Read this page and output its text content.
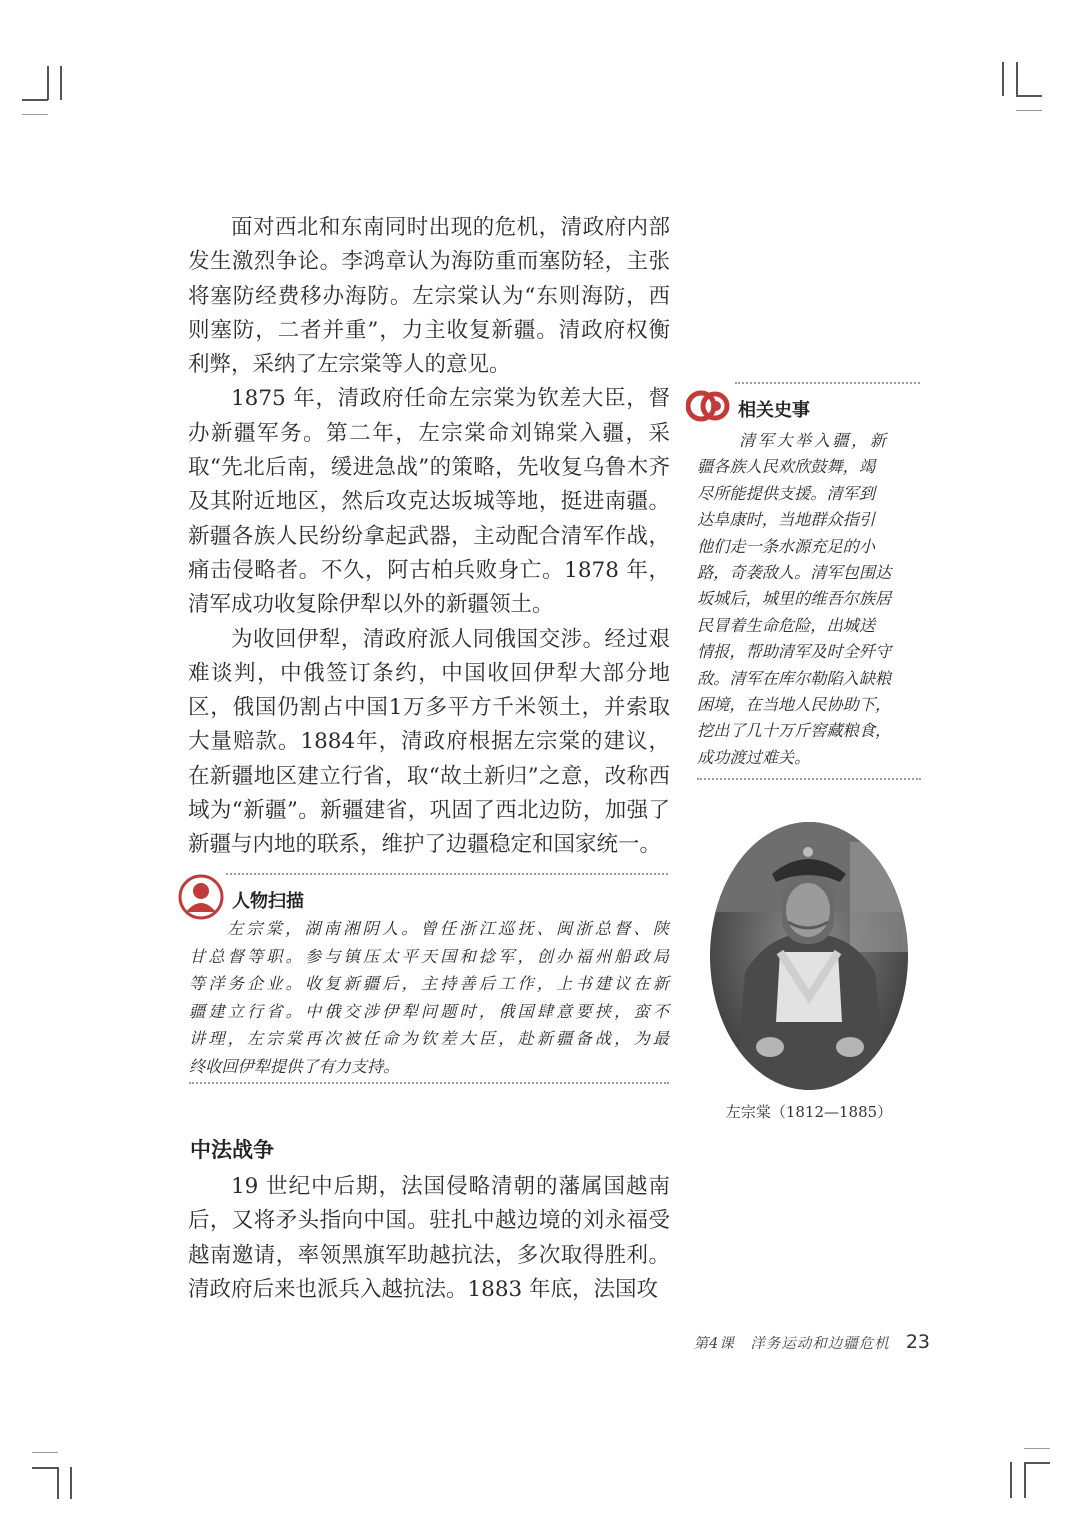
面对西北和东南同时出现的危机，清政府内部发生激烈争论。李鸿章认为海防重而塞防轻，主张将塞防经费移办海防。左宗棠认为“东则海防，西则塞防，二者并重”，力主收复新疆。清政府权衡利弊，采纳了左宗棠等人的意见。

1875 年，清政府任命左宗棠为钦差大臣，督办新疆军务。第二年，左宗棠命刘锦棠入疆，采取“先北后南，缓进急战”的策略，先收复乌鲁木齐及其附近地区，然后攻克达坂城等地，挺进南疆。新疆各族人民纷纷拿起武器，主动配合清军作战，痛击侵略者。不久，阿古柏兵败身亡。1878 年，清军成功收复除伊犁以外的新疆领土。

为收回伊犁，清政府派人同俄国交涉。经过艰难谈判，中俄签订条约，中国收回伊犁大部分地区，俄国仍割占中国1万多平方千米领土，并索取大量赔款。1884年，清政府根据左宗棠的建议，在新疆地区建立行省，取“故土新归”之意，改称西域为“新疆”。新疆建省，巩固了西北边防，加强了新疆与内地的联系，维护了边疆稳定和国家统一。

相关史事
清军大举入疆，新
疆各族人民欢欣鼓舞，竭
尽所能提供支援。清军到
达阜康时，当地群众指引
他们走一条水源充足的小
路，奇袭敌人。清军包围达
坂城后，城里的维吾尔族居
民冒着生命危险，出城送
情报，帮助清军及时全歼守
敌。清军在库尔勒陷入缺粮
困境，在当地人民协助下，
挖出了几十万斤窖藏粮食，
成功渡过难关。
左宗棠（1812—1885）
人物扫描
左宗棠，湖南湘阴人。曾任浙江巡抚、闽浙总督、陕
甘总督等职。参与镇压太平天国和捻军，创办福州船政局
等洋务企业。收复新疆后，主持善后工作，上书建议在新
疆建立行省。中俄交涉伊犁问题时，俄国肆意要挟，蛮不
讲理，左宗棠再次被任命为钦差大臣，赴新疆备战，为最
终收回伊犁提供了有力支持。
中法战争

19 世纪中后期，法国侵略清朝的藩属国越南后，又将矛头指向中国。驻扎中越边境的刘永福受越南邀请，率领黑旗军助越抗法，多次取得胜利。清政府后来也派兵入越抗法。1883 年底，法国攻

第4课　洋务运动和边疆危机 23
